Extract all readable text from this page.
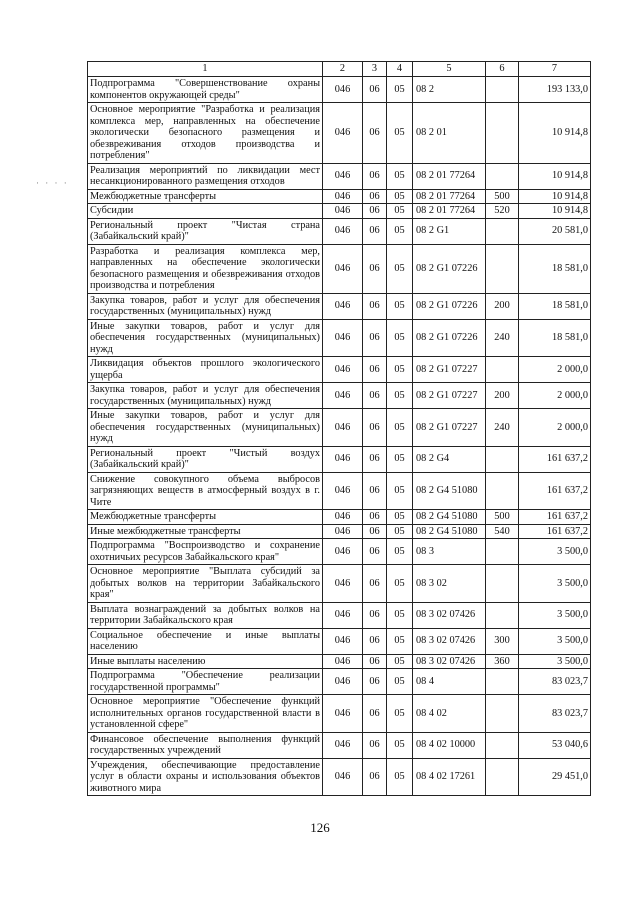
· · · ·
1	2	3	4	5	6	7
Подпрограмма "Совершенствование охраны компонентов окружающей среды"	046	06	05	08 2		193 133,0
Основное мероприятие "Разработка и реализация комплекса мер, направленных на обеспечение экологически безопасного размещения и обезвреживания отходов производства и потребления"	046	06	05	08 2 01		10 914,8
Реализация мероприятий по ликвидации мест несанкционированного размещения отходов	046	06	05	08 2 01 77264		10 914,8
Межбюджетные трансферты	046	06	05	08 2 01 77264	500	10 914,8
Субсидии	046	06	05	08 2 01 77264	520	10 914,8
Региональный проект "Чистая страна (Забайкальский край)"	046	06	05	08 2 G1		20 581,0
Разработка и реализация комплекса мер, направленных на обеспечение экологически безопасного размещения и обезвреживания отходов производства и потребления	046	06	05	08 2 G1 07226		18 581,0
Закупка товаров, работ и услуг для обеспечения государственных (муниципальных) нужд	046	06	05	08 2 G1 07226	200	18 581,0
Иные закупки товаров, работ и услуг для обеспечения государственных (муниципальных) нужд	046	06	05	08 2 G1 07226	240	18 581,0
Ликвидация объектов прошлого экологического ущерба	046	06	05	08 2 G1 07227		2 000,0
Закупка товаров, работ и услуг для обеспечения государственных (муниципальных) нужд	046	06	05	08 2 G1 07227	200	2 000,0
Иные закупки товаров, работ и услуг для обеспечения государственных (муниципальных) нужд	046	06	05	08 2 G1 07227	240	2 000,0
Региональный проект "Чистый воздух (Забайкальский край)"	046	06	05	08 2 G4		161 637,2
Снижение совокупного объема выбросов загрязняющих веществ в атмосферный воздух в г. Чите	046	06	05	08 2 G4 51080		161 637,2
Межбюджетные трансферты	046	06	05	08 2 G4 51080	500	161 637,2
Иные межбюджетные трансферты	046	06	05	08 2 G4 51080	540	161 637,2
Подпрограмма "Воспроизводство и сохранение охотничьих ресурсов Забайкальского края"	046	06	05	08 3		3 500,0
Основное мероприятие "Выплата субсидий за добытых волков на территории Забайкальского края"	046	06	05	08 3 02		3 500,0
Выплата вознаграждений за добытых волков на территории Забайкальского края	046	06	05	08 3 02 07426		3 500,0
Социальное обеспечение и иные выплаты населению	046	06	05	08 3 02 07426	300	3 500,0
Иные выплаты населению	046	06	05	08 3 02 07426	360	3 500,0
Подпрограмма "Обеспечение реализации государственной программы"	046	06	05	08 4		83 023,7
Основное мероприятие "Обеспечение функций исполнительных органов государственной власти в установленной сфере"	046	06	05	08 4 02		83 023,7
Финансовое обеспечение выполнения функций государственных учреждений	046	06	05	08 4 02 10000		53 040,6
Учреждения, обеспечивающие предоставление услуг в области охраны и использования объектов животного мира	046	06	05	08 4 02 17261		29 451,0
126
